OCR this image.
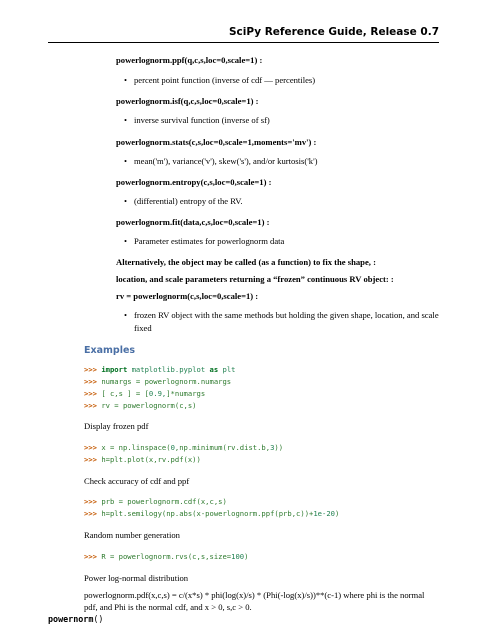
SciPy Reference Guide, Release 0.7
powerlognorm.ppf(q,c,s,loc=0,scale=1) :
• percent point function (inverse of cdf — percentiles)
powerlognorm.isf(q,c,s,loc=0,scale=1) :
• inverse survival function (inverse of sf)
powerlognorm.stats(c,s,loc=0,scale=1,moments='mv') :
• mean('m'), variance('v'), skew('s'), and/or kurtosis('k')
powerlognorm.entropy(c,s,loc=0,scale=1) :
• (differential) entropy of the RV.
powerlognorm.fit(data,c,s,loc=0,scale=1) :
• Parameter estimates for powerlognorm data
Alternatively, the object may be called (as a function) to fix the shape, :
location, and scale parameters returning a “frozen” continuous RV object: :
rv = powerlognorm(c,s,loc=0,scale=1) :
• frozen RV object with the same methods but holding the given shape, location, and scale
fixed
Examples
>>> import matplotlib.pyplot as plt
>>> numargs = powerlognorm.numargs
>>> [ c,s ] = [0.9,]*numargs
>>> rv = powerlognorm(c,s)
Display frozen pdf
>>> x = np.linspace(0,np.minimum(rv.dist.b,3))
>>> h=plt.plot(x,rv.pdf(x))
Check accuracy of cdf and ppf
>>> prb = powerlognorm.cdf(x,c,s)
>>> h=plt.semilogy(np.abs(x-powerlognorm.ppf(prb,c))+1e-20)
Random number generation
>>> R = powerlognorm.rvs(c,s,size=100)
Power log-normal distribution
powerlognorm.pdf(x,c,s) = c/(x*s) * phi(log(x)/s) * (Phi(-log(x)/s))**(c-1) where phi is the normal pdf, and Phi is the normal cdf, and x > 0, s,c > 0.
powernorm()
